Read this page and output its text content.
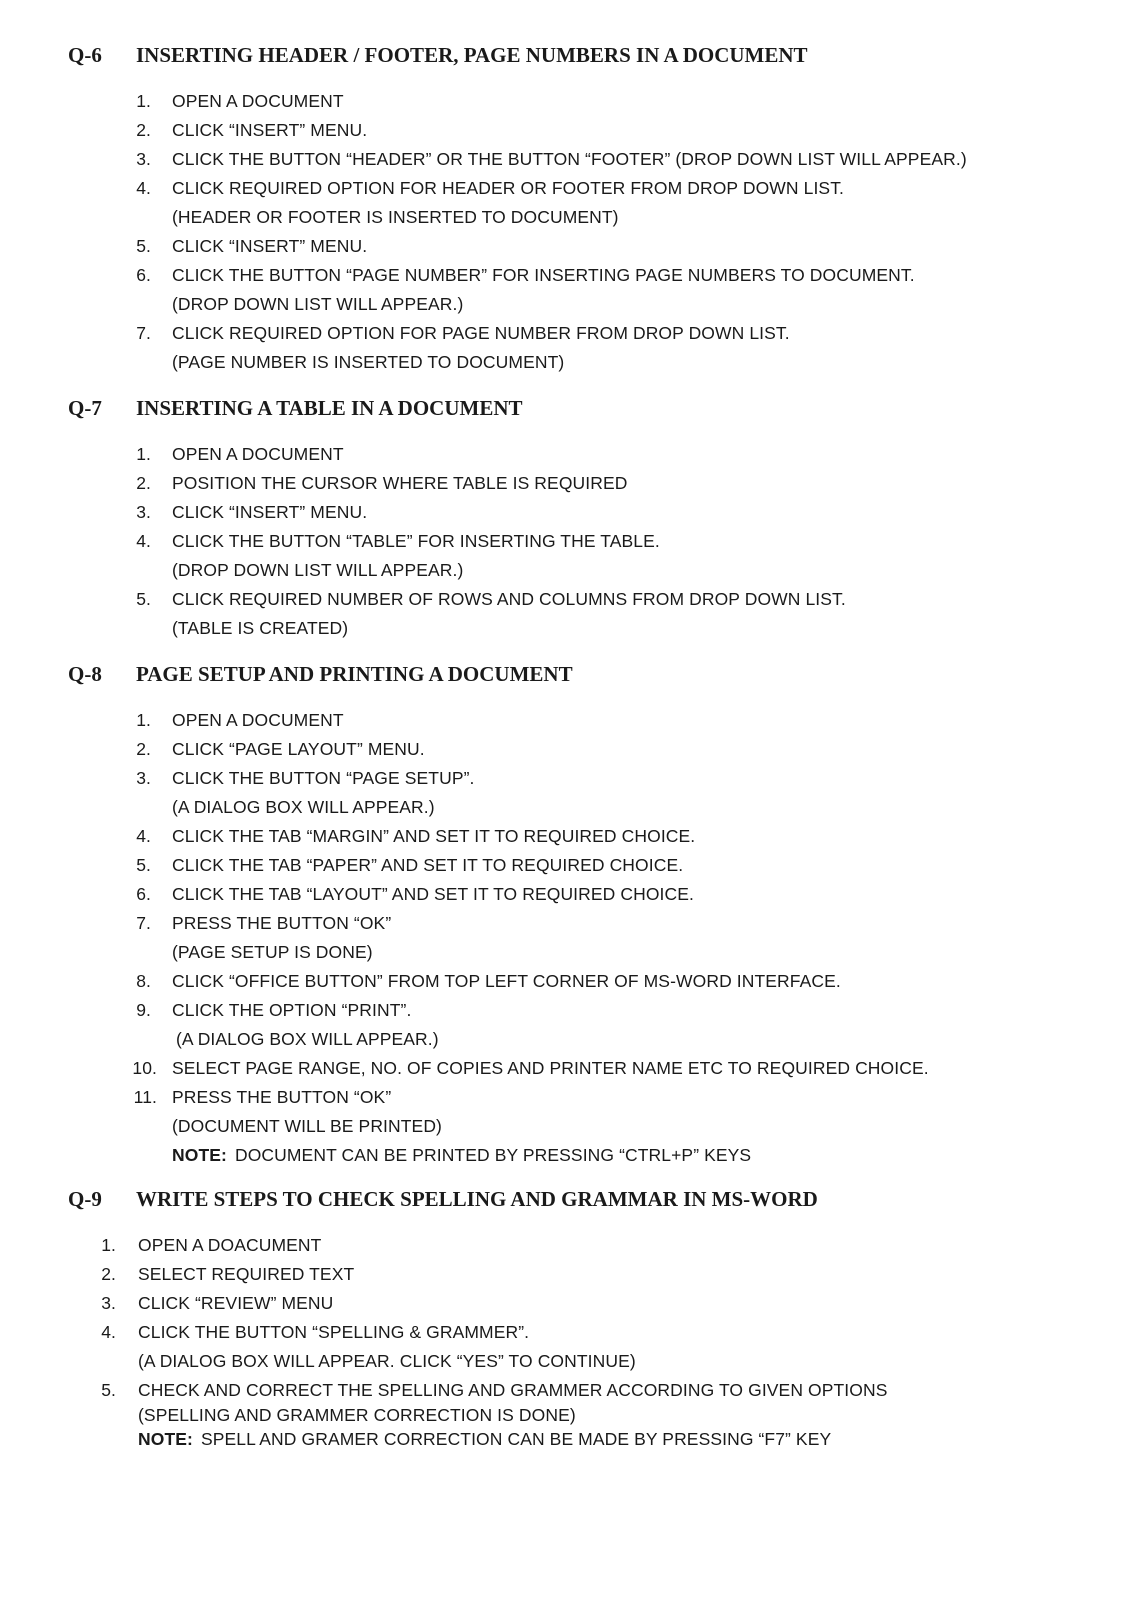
Q-6 INSERTING HEADER / FOOTER, PAGE NUMBERS IN A DOCUMENT
1. OPEN A DOCUMENT
2. CLICK “INSERT” MENU.
3. CLICK THE BUTTON “HEADER” OR THE BUTTON “FOOTER” (DROP DOWN LIST WILL APPEAR.)
4. CLICK REQUIRED OPTION FOR HEADER OR FOOTER FROM DROP DOWN LIST.
(HEADER OR FOOTER IS INSERTED TO DOCUMENT)
5. CLICK “INSERT” MENU.
6. CLICK THE BUTTON “PAGE NUMBER” FOR INSERTING PAGE NUMBERS TO DOCUMENT.
(DROP DOWN LIST WILL APPEAR.)
7. CLICK REQUIRED OPTION FOR PAGE NUMBER FROM DROP DOWN LIST.
(PAGE NUMBER IS INSERTED TO DOCUMENT)
Q-7 INSERTING A TABLE IN A DOCUMENT
1. OPEN A DOCUMENT
2. POSITION THE CURSOR WHERE TABLE IS REQUIRED
3. CLICK “INSERT” MENU.
4. CLICK THE BUTTON “TABLE” FOR INSERTING THE TABLE.
(DROP DOWN LIST WILL APPEAR.)
5. CLICK REQUIRED NUMBER OF ROWS AND COLUMNS FROM DROP DOWN LIST.
(TABLE IS CREATED)
Q-8 PAGE SETUP AND PRINTING A DOCUMENT
1. OPEN A DOCUMENT
2. CLICK “PAGE LAYOUT” MENU.
3. CLICK THE BUTTON “PAGE SETUP”.
(A DIALOG BOX WILL APPEAR.)
4. CLICK THE TAB “MARGIN” AND SET IT TO REQUIRED CHOICE.
5. CLICK THE TAB “PAPER” AND SET IT TO REQUIRED CHOICE.
6. CLICK THE TAB “LAYOUT” AND SET IT TO REQUIRED CHOICE.
7. PRESS THE BUTTON “OK”
(PAGE SETUP IS DONE)
8. CLICK “OFFICE BUTTON” FROM TOP LEFT CORNER OF MS-WORD INTERFACE.
9. CLICK THE OPTION “PRINT”.
(A DIALOG BOX WILL APPEAR.)
10. SELECT PAGE RANGE, NO. OF COPIES AND PRINTER NAME ETC TO REQUIRED CHOICE.
11. PRESS THE BUTTON “OK”
(DOCUMENT WILL BE PRINTED)
NOTE: DOCUMENT CAN BE PRINTED BY PRESSING “CTRL+P” KEYS
Q-9 WRITE STEPS TO CHECK SPELLING AND GRAMMAR IN MS-WORD
1. OPEN A DOACUMENT
2. SELECT REQUIRED TEXT
3. CLICK “REVIEW” MENU
4. CLICK THE BUTTON “SPELLING & GRAMMER”.
(A DIALOG BOX WILL APPEAR. CLICK “YES” TO CONTINUE)
5. CHECK AND CORRECT THE SPELLING AND GRAMMER ACCORDING TO GIVEN OPTIONS
(SPELLING AND GRAMMER CORRECTION IS DONE)
NOTE: SPELL AND GRAMER CORRECTION CAN BE MADE BY PRESSING “F7” KEY
